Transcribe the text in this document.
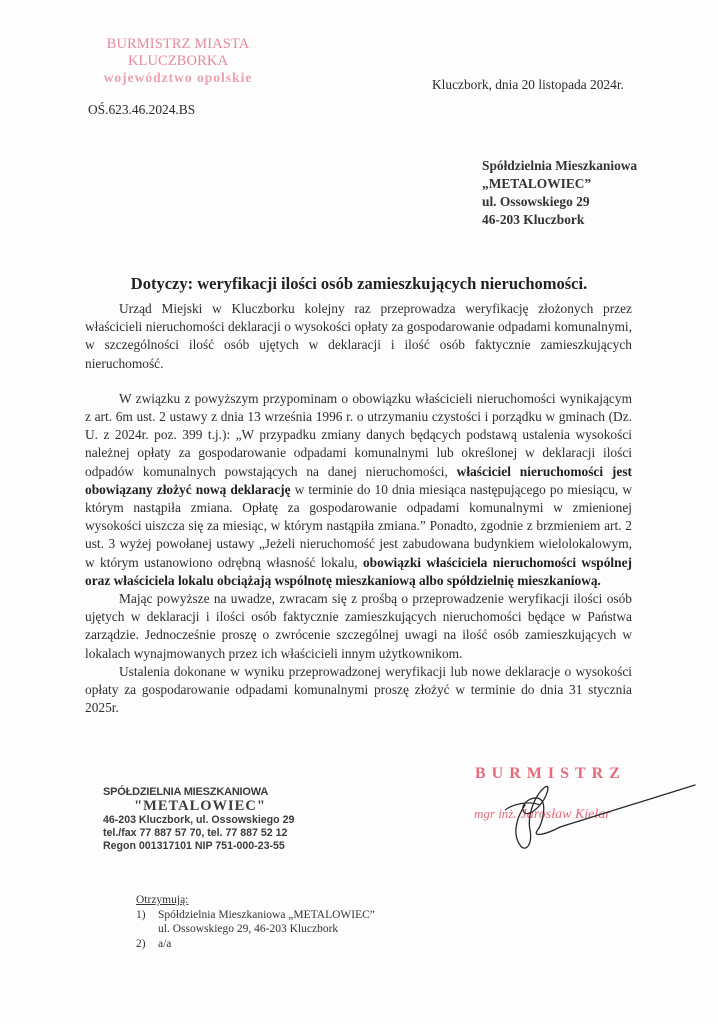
BURMISTRZ MIASTA KLUCZBORKA
województwo opolskie	Kluczbork, dnia 20 listopada 2024r.
OŚ.623.46.2024.BS
Spółdzielnia Mieszkaniowa
„METALOWIEC”
ul. Ossowskiego 29
46-203 Kluczbork
Dotyczy: weryfikacji ilości osób zamieszkujących nieruchomości.

Urząd Miejski w Kluczborku kolejny raz przeprowadza weryfikację złożonych przez właścicieli nieruchomości deklaracji o wysokości opłaty za gospodarowanie odpadami komunalnymi, w szczególności ilość osób ujętych w deklaracji i ilość osób faktycznie zamieszkujących nieruchomość.

W związku z powyższym przypominam o obowiązku właścicieli nieruchomości wynikającym z art. 6m ust. 2 ustawy z dnia 13 września 1996 r. o utrzymaniu czystości i porządku w gminach (Dz. U. z 2024r. poz. 399 t.j.): „W przypadku zmiany danych będących podstawą ustalenia wysokości należnej opłaty za gospodarowanie odpadami komunalnymi lub określonej w deklaracji ilości odpadów komunalnych powstających na danej nieruchomości, właściciel nieruchomości jest obowiązany złożyć nową deklarację w terminie do 10 dnia miesiąca następującego po miesiącu, w którym nastąpiła zmiana. Opłatę za gospodarowanie odpadami komunalnymi w zmienionej wysokości uiszcza się za miesiąc, w którym nastąpiła zmiana.” Ponadto, zgodnie z brzmieniem art. 2 ust. 3 wyżej powołanej ustawy „Jeżeli nieruchomość jest zabudowana budynkiem wielolokalowym, w którym ustanowiono odrębną własność lokalu, obowiązki właściciela nieruchomości wspólnej oraz właściciela lokalu obciążają wspólnotę mieszkaniową albo spółdzielnię mieszkaniową.

Mając powyższe na uwadze, zwracam się z prośbą o przeprowadzenie weryfikacji ilości osób ujętych w deklaracji i ilości osób faktycznie zamieszkujących nieruchomości będące w Państwa zarządzie. Jednocześnie proszę o zwrócenie szczególnej uwagi na ilość osób zamieszkujących w lokalach wynajmowanych przez ich właścicieli innym użytkownikom.

Ustalenia dokonane w wyniku przeprowadzonej weryfikacji lub nowe deklaracje o wysokości opłaty za gospodarowanie odpadami komunalnymi proszę złożyć w terminie do dnia 31 stycznia 2025r.

SPÓŁDZIELNIA MIESZKANIOWA
"METALOWIEC"
46-203 Kluczbork, ul. Ossowskiego 29
tel./fax 77 887 57 70, tel. 77 887 52 12
Regon 001317101 NIP 751-000-23-55
BURMISTRZ
mgr inż. Jarosław Kielar
Otrzymują:
1)	Spółdzielnia Mieszkaniowa „METALOWIEC”
ul. Ossowskiego 29, 46-203 Kluczbork
2)	a/a
